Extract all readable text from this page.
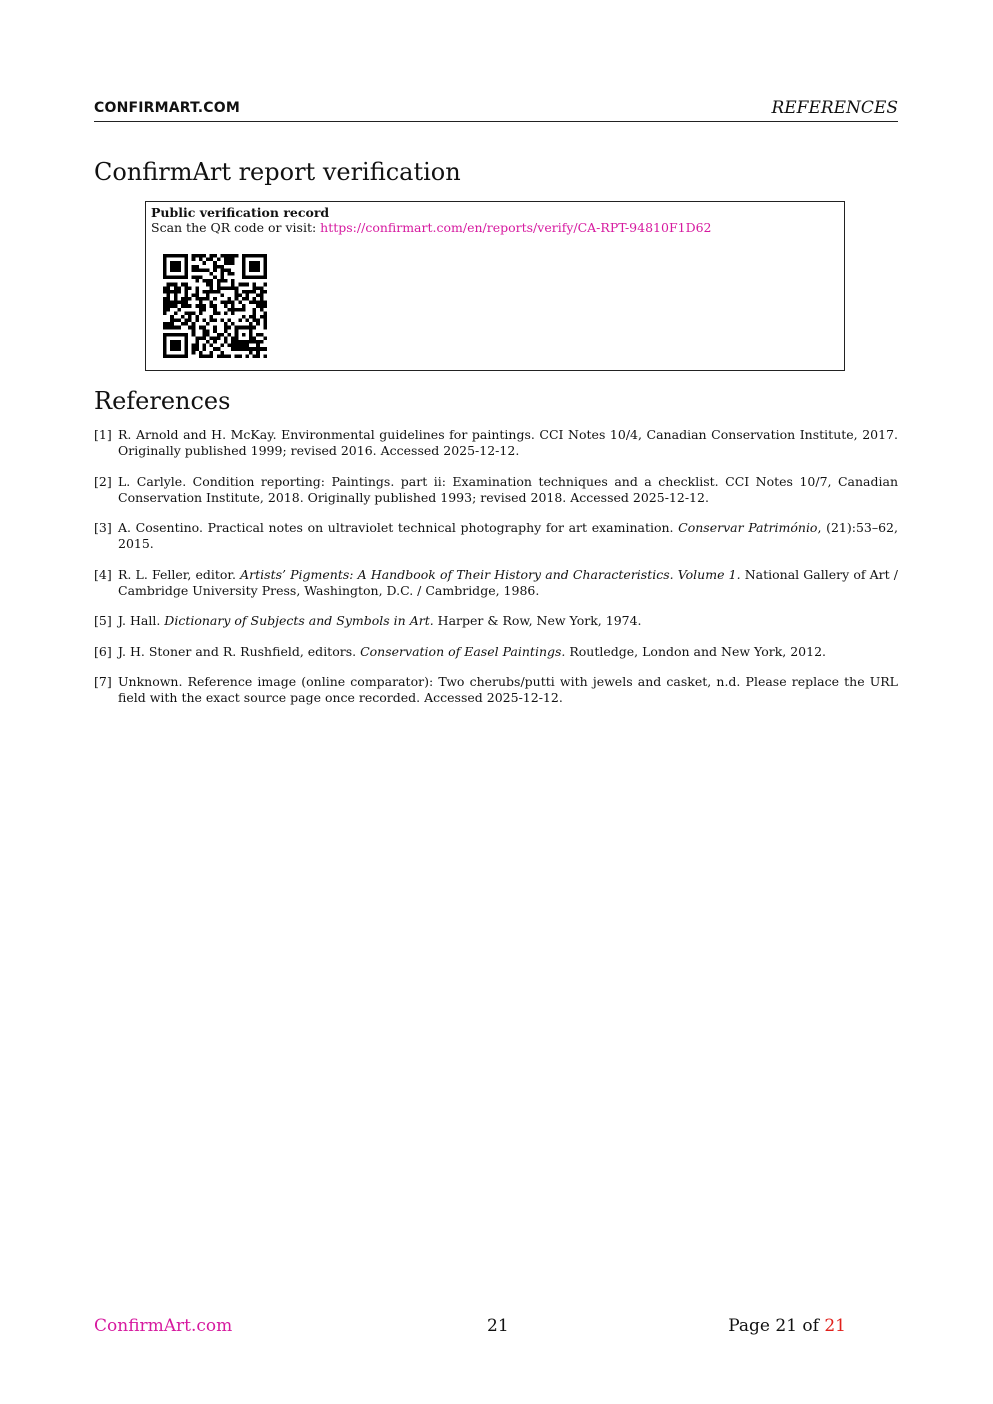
CONFIRMART.COM	REFERENCES
ConfirmArt report verification
Public verification record
Scan the QR code or visit: https://confirmart.com/en/reports/verify/CA-RPT-94810F1D62
References
[1] R. Arnold and H. McKay. Environmental guidelines for paintings. CCI Notes 10/4, Canadian Conservation Institute, 2017. Originally published 1999; revised 2016. Accessed 2025-12-12.
[2] L. Carlyle. Condition reporting: Paintings. part ii: Examination techniques and a checklist. CCI Notes 10/7, Canadian Conservation Institute, 2018. Originally published 1993; revised 2018. Accessed 2025-12-12.
[3] A. Cosentino. Practical notes on ultraviolet technical photography for art examination. Conservar Património, (21):53–62, 2015.
[4] R. L. Feller, editor. Artists’ Pigments: A Handbook of Their History and Characteristics. Volume 1. National Gallery of Art / Cambridge University Press, Washington, D.C. / Cambridge, 1986.
[5] J. Hall. Dictionary of Subjects and Symbols in Art. Harper & Row, New York, 1974.
[6] J. H. Stoner and R. Rushfield, editors. Conservation of Easel Paintings. Routledge, London and New York, 2012.
[7] Unknown. Reference image (online comparator): Two cherubs/putti with jewels and casket, n.d. Please replace the URL field with the exact source page once recorded. Accessed 2025-12-12.
ConfirmArt.com	21	Page 21 of 21
